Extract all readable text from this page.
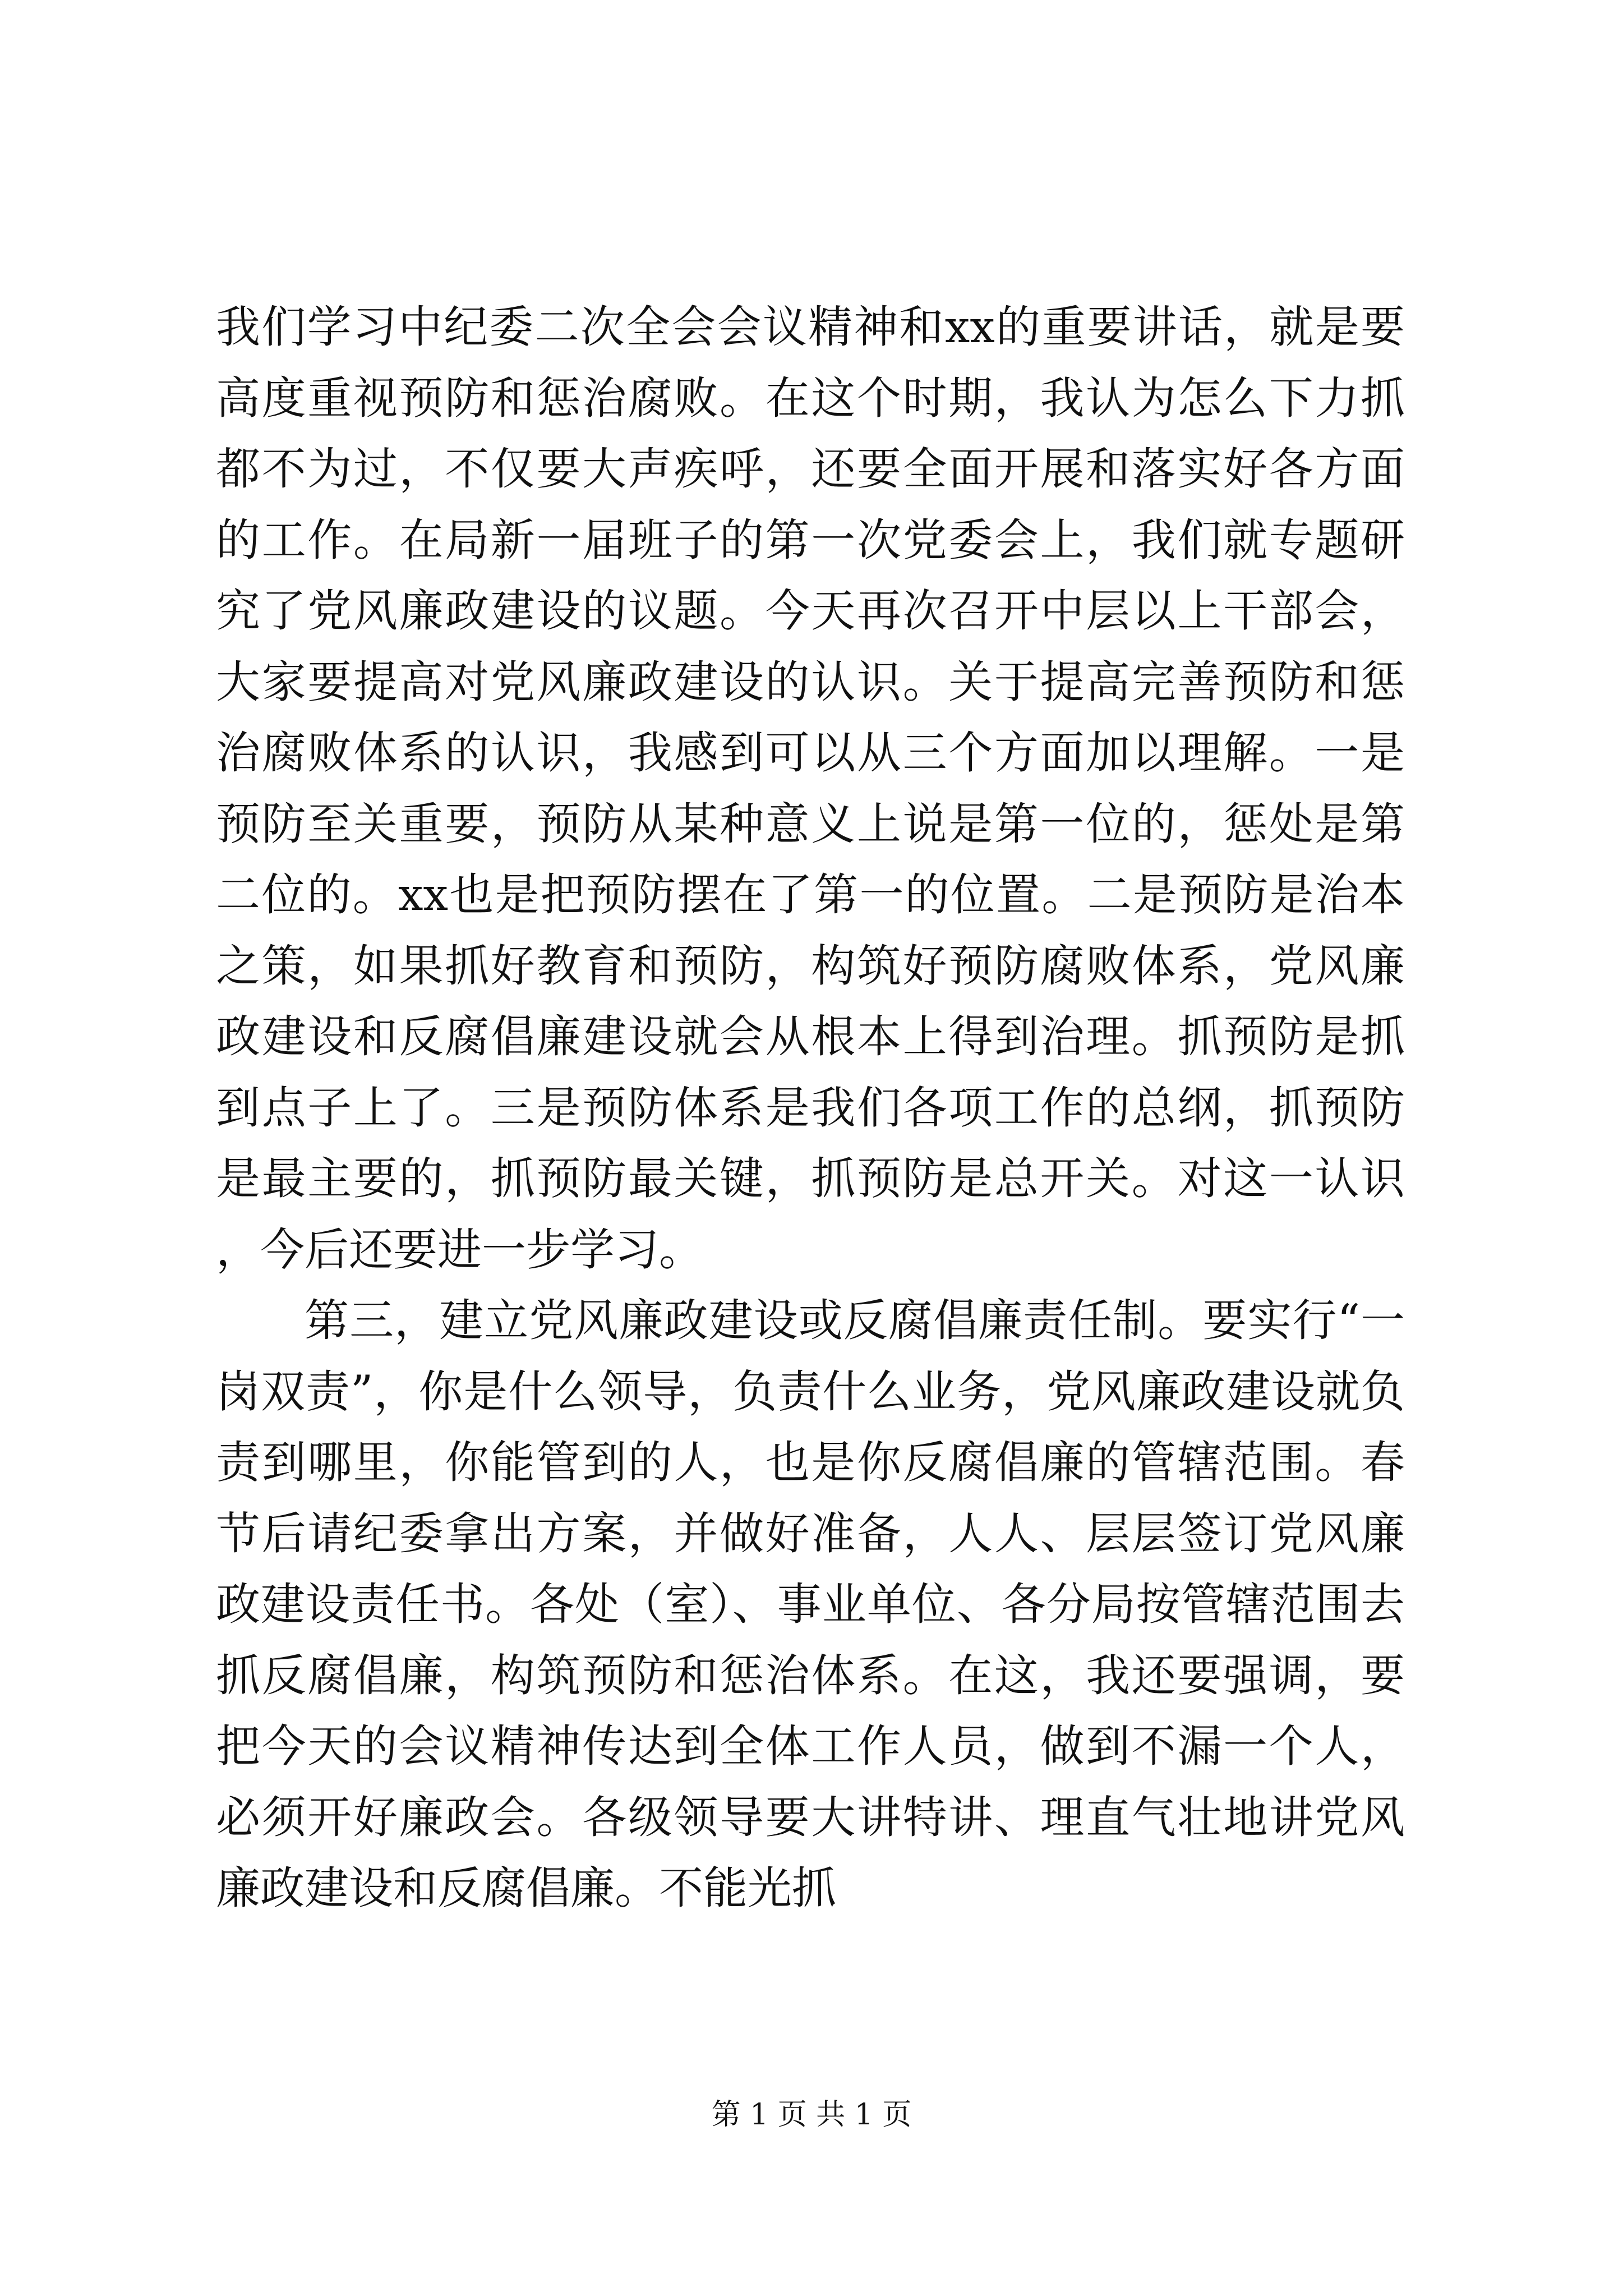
我们学习中纪委二次全会会议精神和xx的重要讲话，就是要高度重视预防和惩治腐败。在这个时期，我认为怎么下力抓都不为过，不仅要大声疾呼，还要全面开展和落实好各方面的工作。在局新一届班子的第一次党委会上，我们就专题研究了党风廉政建设的议题。今天再次召开中层以上干部会，大家要提高对党风廉政建设的认识。关于提高完善预防和惩治腐败体系的认识，我感到可以从三个方面加以理解。一是预防至关重要，预防从某种意义上说是第一位的，惩处是第二位的。xx也是把预防摆在了第一的位置。二是预防是治本之策，如果抓好教育和预防，构筑好预防腐败体系，党风廉政建设和反腐倡廉建设就会从根本上得到治理。抓预防是抓到点子上了。三是预防体系是我们各项工作的总纲，抓预防是最主要的，抓预防最关键，抓预防是总开关。对这一认识，今后还要进一步学习。

第三，建立党风廉政建设或反腐倡廉责任制。要实行“一岗双责”，你是什么领导，负责什么业务，党风廉政建设就负责到哪里，你能管到的人，也是你反腐倡廉的管辖范围。春节后请纪委拿出方案，并做好准备，人人、层层签订党风廉政建设责任书。各处（室）、事业单位、各分局按管辖范围去抓反腐倡廉，构筑预防和惩治体系。在这，我还要强调，要把今天的会议精神传达到全体工作人员，做到不漏一个人，必须开好廉政会。各级领导要大讲特讲、理直气壮地讲党风廉政建设和反腐倡廉。不能光抓

第 1 页 共 1 页
